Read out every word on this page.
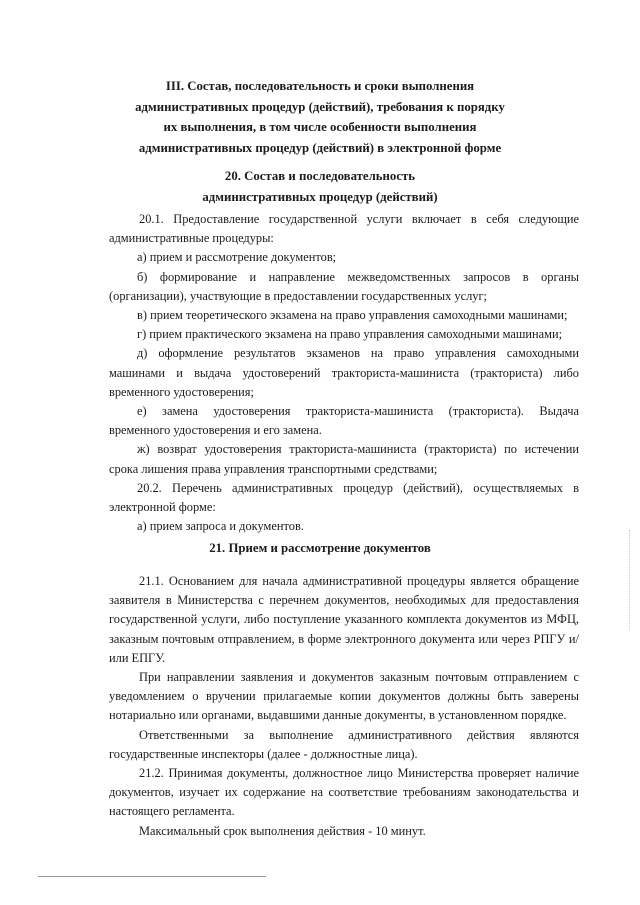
III. Состав, последовательность и сроки выполнения
административных процедур (действий), требования к порядку
их выполнения, в том числе особенности выполнения
административных процедур (действий) в электронной форме
20. Состав и последовательность
административных процедур (действий)

20.1. Предоставление государственной услуги включает в себя следующие административные процедуры:

а) прием и рассмотрение документов;

б) формирование и направление межведомственных запросов в органы (организации), участвующие в предоставлении государственных услуг;

в) прием теоретического экзамена на право управления самоходными машинами;

г) прием практического экзамена на право управления самоходными машинами;

д) оформление результатов экзаменов на право управления самоходными машинами и выдача удостоверений тракториста-машиниста (тракториста) либо временного удостоверения;

е) замена удостоверения тракториста-машиниста (тракториста). Выдача временного удостоверения и его замена.

ж) возврат удостоверения тракториста-машиниста (тракториста) по истечении срока лишения права управления транспортными средствами;

20.2. Перечень административных процедур (действий), осуществляемых в электронной форме:

а) прием запроса и документов.

21. Прием и рассмотрение документов

21.1. Основанием для начала административной процедуры является обращение заявителя в Министерства с перечнем документов, необходимых для предоставления государственной услуги, либо поступление указанного комплекта документов из МФЦ, заказным почтовым отправлением, в форме электронного документа или через РПГУ и/или ЕПГУ.

При направлении заявления и документов заказным почтовым отправлением с уведомлением о вручении прилагаемые копии документов должны быть заверены нотариально или органами, выдавшими данные документы, в установленном порядке.

Ответственными за выполнение административного действия являются государственные инспекторы (далее - должностные лица).

21.2. Принимая документы, должностное лицо Министерства проверяет наличие документов, изучает их содержание на соответствие требованиям законодательства и настоящего регламента.

Максимальный срок выполнения действия - 10 минут.
